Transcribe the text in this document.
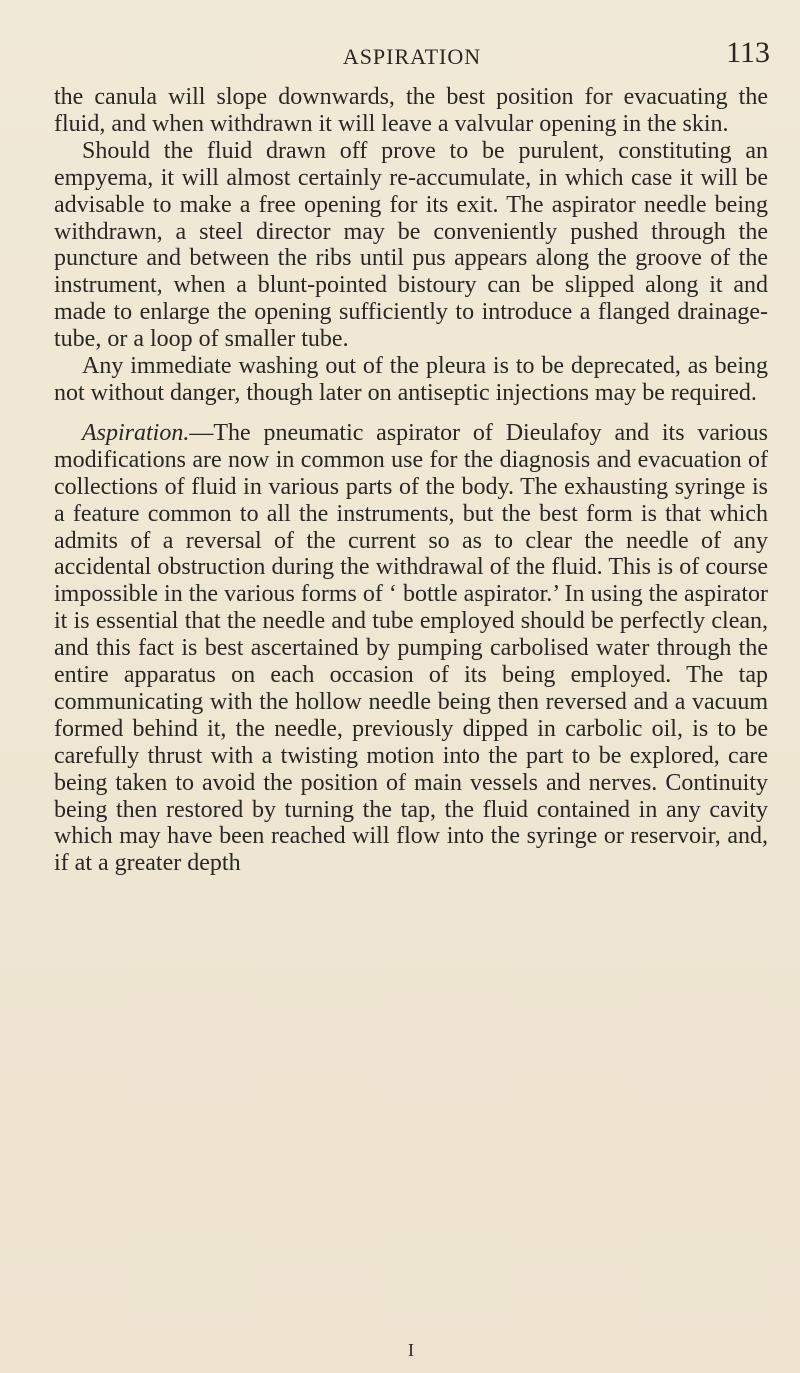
ASPIRATION	113

the canula will slope downwards, the best position for evacuating the fluid, and when withdrawn it will leave a valvular opening in the skin.

Should the fluid drawn off prove to be purulent, constituting an empyema, it will almost certainly re-accumulate, in which case it will be advisable to make a free opening for its exit. The aspirator needle being withdrawn, a steel director may be conveniently pushed through the puncture and between the ribs until pus appears along the groove of the instrument, when a blunt-pointed bistoury can be slipped along it and made to enlarge the opening sufficiently to introduce a flanged drainage-tube, or a loop of smaller tube.

Any immediate washing out of the pleura is to be deprecated, as being not without danger, though later on antiseptic injections may be required.

Aspiration.—The pneumatic aspirator of Dieulafoy and its various modifications are now in common use for the diagnosis and evacuation of collections of fluid in various parts of the body. The exhausting syringe is a feature common to all the instruments, but the best form is that which admits of a reversal of the current so as to clear the needle of any accidental obstruction during the withdrawal of the fluid. This is of course impossible in the various forms of ‘ bottle aspirator.’ In using the aspirator it is essential that the needle and tube employed should be perfectly clean, and this fact is best ascertained by pumping carbolised water through the entire apparatus on each occasion of its being employed. The tap communicating with the hollow needle being then reversed and a vacuum formed behind it, the needle, previously dipped in carbolic oil, is to be carefully thrust with a twisting motion into the part to be explored, care being taken to avoid the position of main vessels and nerves. Continuity being then restored by turning the tap, the fluid contained in any cavity which may have been reached will flow into the syringe or reservoir, and, if at a greater depth

I
